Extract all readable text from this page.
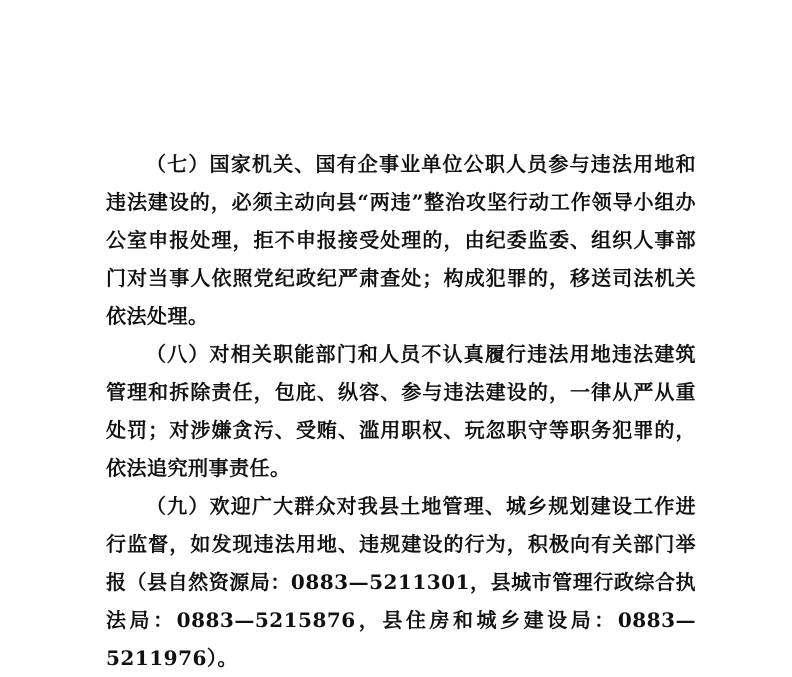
（七）国家机关、国有企事业单位公职人员参与违法用地和违法建设的，必须主动向县“两违”整治攻坚行动工作领导小组办公室申报处理，拒不申报接受处理的，由纪委监委、组织人事部门对当事人依照党纪政纪严肃查处；构成犯罪的，移送司法机关依法处理。

（八）对相关职能部门和人员不认真履行违法用地违法建筑管理和拆除责任，包庇、纵容、参与违法建设的，一律从严从重处罚；对涉嫌贪污、受贿、滥用职权、玩忽职守等职务犯罪的，依法追究刑事责任。

（九）欢迎广大群众对我县土地管理、城乡规划建设工作进行监督，如发现违法用地、违规建设的行为，积极向有关部门举报（县自然资源局：0883—5211301，县城市管理行政综合执法局：0883—5215876，县住房和城乡建设局：0883—5211976）。
